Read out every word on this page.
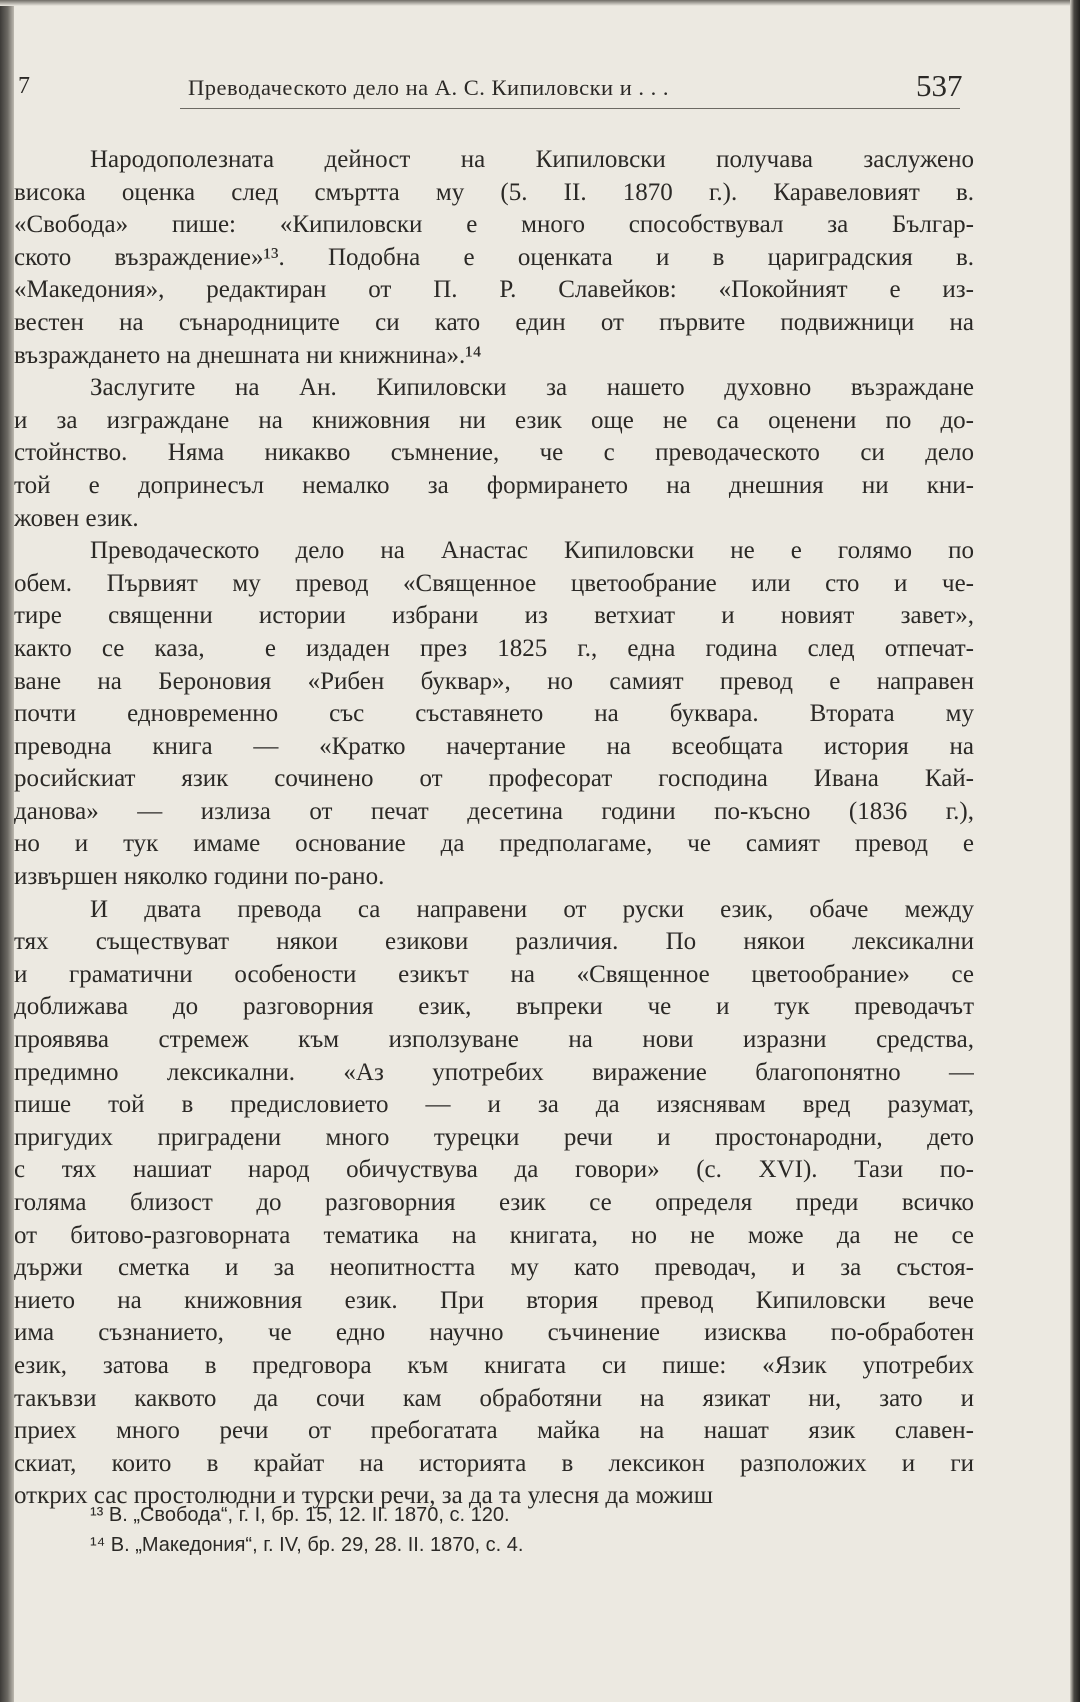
7	Преводаческото дело на А. С. Кипиловски и . . .	537
Народополезната дейност на Кипиловски получава заслужено
висока оценка след смъртта му (5. II. 1870 г.). Каравеловият в.
«Свобода» пише: «Кипиловски е много способствувал за Българ-
ското възраждение»¹³. Подобна е оценката и в цариградския в.
«Македония», редактиран от П. Р. Славейков: «Покойният е из-
вестен на сънародниците си като един от първите подвижници на
възраждането на днешната ни книжнина».¹⁴
Заслугите на Ан. Кипиловски за нашето духовно възраждане
и за изграждане на книжовния ни език още не са оценени по до-
стойнство. Няма никакво съмнение, че с преводаческото си дело
той е допринесъл немалко за формирането на днешния ни кни-
жовен език.
Преводаческото дело на Анастас Кипиловски не е голямо по
обем. Първият му превод «Священное цветообрание или сто и че-
тире священни истории избрани из ветхиат и новият завет»,
както се каза,  е издаден през 1825 г., една година след отпечат-
ване на Бероновия «Рибен буквар», но самият превод е направен
почти едновременно със съставянето на буквара. Втората му
преводна книга — «Кратко начертание на всеобщата история на
росийскиат язик сочинено от професорат господина Ивана Кай-
данова» — излиза от печат десетина години по-късно (1836 г.),
но и тук имаме основание да предполагаме, че самият превод е
извършен няколко години по-рано.
И двата превода са направени от руски език, обаче между
тях съществуват някои езикови различия. По някои лексикални
и граматични особености езикът на «Священное цветообрание» се
доближава до разговорния език, въпреки че и тук преводачът
проявява стремеж към използуване на нови изразни средства,
предимно лексикални. «Аз употребих виражение благопонятно —
пише той в предисловието — и за да изяснявам вред разумат,
пригудих приградени много турецки речи и простонародни, дето
с тях нашиат народ обичуствува да говори» (с. XVI). Тази по-
голяма близост до разговорния език се определя преди всичко
от битово-разговорната тематика на книгата, но не може да не се
държи сметка и за неопитността му като преводач, и за състоя-
нието на книжовния език. При втория превод Кипиловски вече
има съзнанието, че едно научно съчинение изисква по-обработен
език, затова в предговора към книгата си пише: «Язик употребих
такъвзи каквото да сочи кам обработяни на язикат ни, зато и
приех много речи от пребогатата майка на нашат язик славен-
скиат, които в крайат на историята в лексикон разположих и ги
открих сас простолюдни и турски речи, за да та улесня да можиш
¹³ В. „Свобода“, г. I, бр. 15, 12. II. 1870, с. 120.
¹⁴ В. „Македония“, г. IV, бр. 29, 28. II. 1870, с. 4.
